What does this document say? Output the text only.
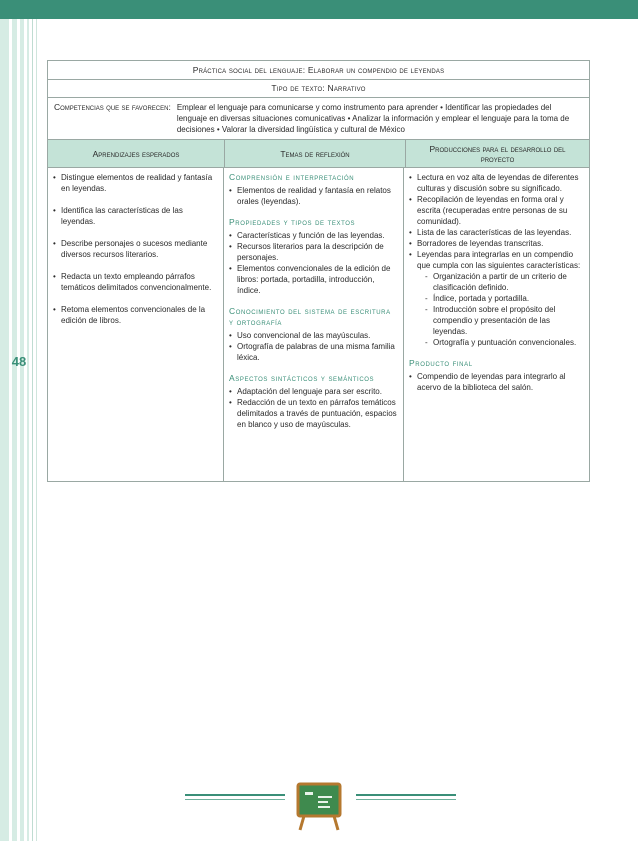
48
Práctica social del lenguaje: Elaborar un compendio de leyendas
Tipo de texto: Narrativo
Competencias que se favorecen: Emplear el lenguaje para comunicarse y como instrumento para aprender • Identificar las propiedades del lenguaje en diversas situaciones comunicativas • Analizar la información y emplear el lenguaje para la toma de decisiones • Valorar la diversidad lingüística y cultural de México
Aprendizajes esperados	Temas de reflexión	Producciones para el desarrollo del proyecto
• Distingue elementos de realidad y fantasía en leyendas.
• Identifica las características de las leyendas.
• Describe personajes o sucesos mediante diversos recursos literarios.
• Redacta un texto empleando párrafos temáticos delimitados convencionalmente.
• Retoma elementos convencionales de la edición de libros.
Comprensión e interpretación
• Elementos de realidad y fantasía en relatos orales (leyendas).
Propiedades y tipos de textos
• Características y función de las leyendas.
• Recursos literarios para la descripción de personajes.
• Elementos convencionales de la edición de libros: portada, portadilla, introducción, índice.
Conocimiento del sistema de escritura y ortografía
• Uso convencional de las mayúsculas.
• Ortografía de palabras de una misma familia léxica.
Aspectos sintácticos y semánticos
• Adaptación del lenguaje para ser escrito.
• Redacción de un texto en párrafos temáticos delimitados a través de puntuación, espacios en blanco y uso de mayúsculas.
• Lectura en voz alta de leyendas de diferentes culturas y discusión sobre su significado.
• Recopilación de leyendas en forma oral y escrita (recuperadas entre personas de su comunidad).
• Lista de las características de las leyendas.
• Borradores de leyendas transcritas.
• Leyendas para integrarlas en un compendio que cumpla con las siguientes características:
- Organización a partir de un criterio de clasificación definido.
- Índice, portada y portadilla.
- Introducción sobre el propósito del compendio y presentación de las leyendas.
- Ortografía y puntuación convencionales.
Producto final
• Compendio de leyendas para integrarlo al acervo de la biblioteca del salón.
